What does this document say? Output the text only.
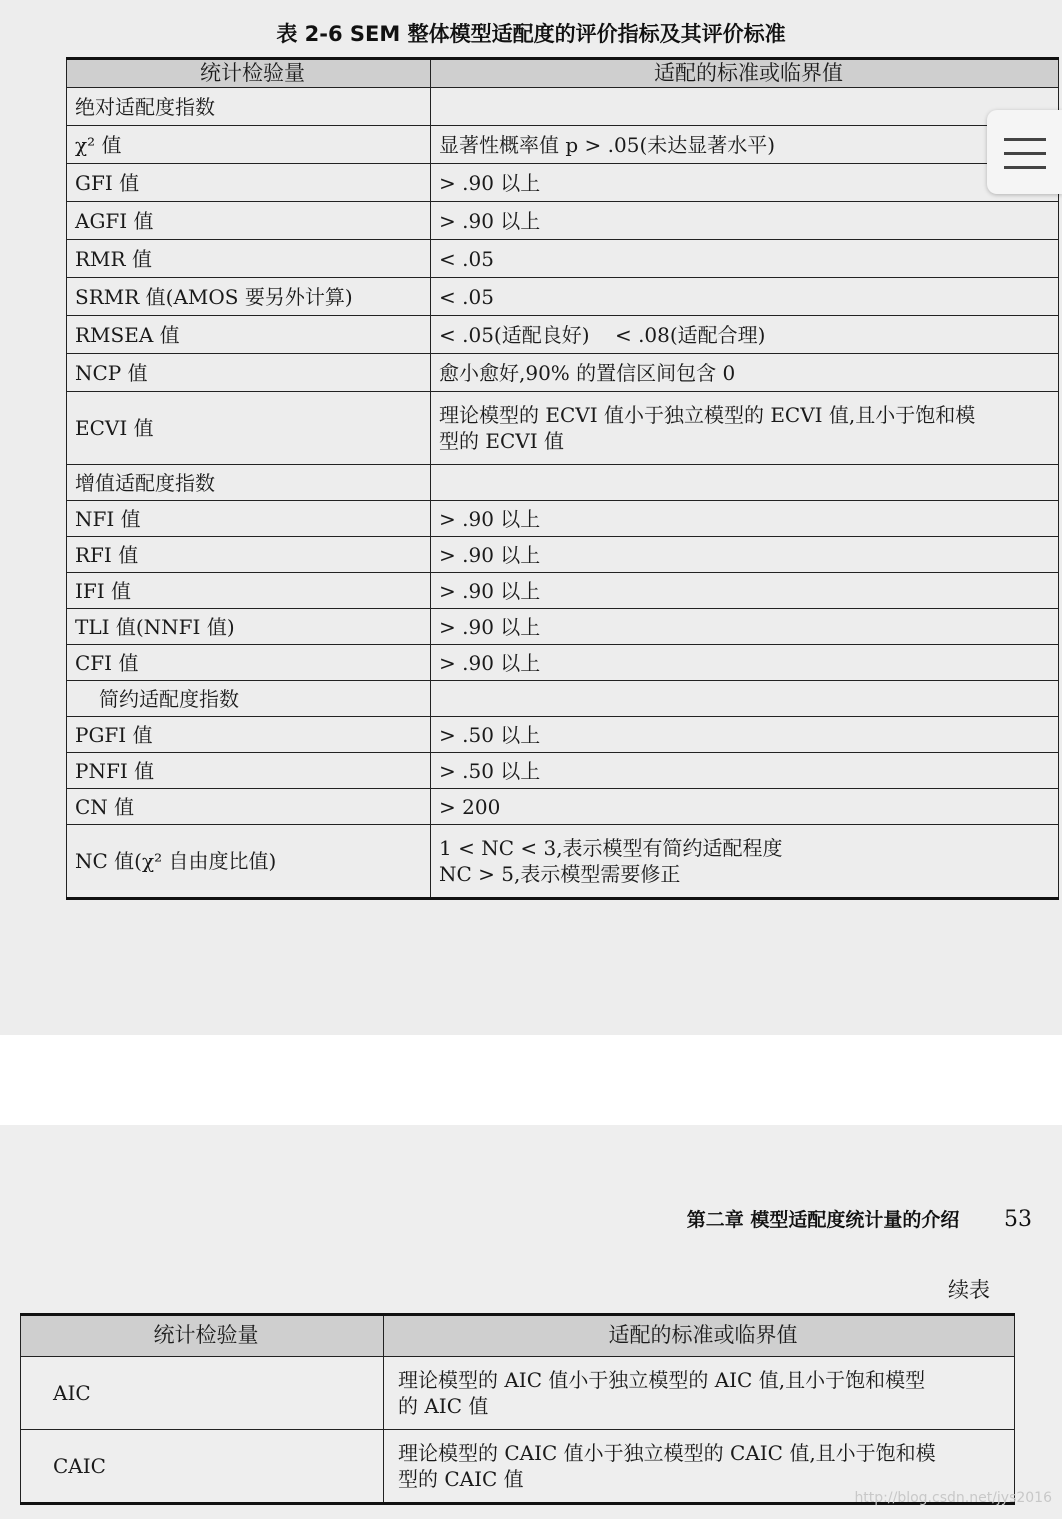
表 2-6 SEM 整体模型适配度的评价指标及其评价标准
统计检验量	适配的标准或临界值
绝对适配度指数	
χ² 值	显著性概率值 p > .05(未达显著水平)
GFI 值	> .90 以上
AGFI 值	> .90 以上
RMR 值	< .05
SRMR 值(AMOS 要另外计算)	< .05
RMSEA 值	< .05(适配良好)    < .08(适配合理)
NCP 值	愈小愈好,90% 的置信区间包含 0
ECVI 值	理论模型的 ECVI 值小于独立模型的 ECVI 值,且小于饱和模
型的 ECVI 值

增值适配度指数	
NFI 值	> .90 以上
RFI 值	> .90 以上
IFI 值	> .90 以上
TLI 值(NNFI 值)	> .90 以上
CFI 值	> .90 以上
简约适配度指数	
PGFI 值	> .50 以上
PNFI 值	> .50 以上
CN 值	> 200
NC 值(χ² 自由度比值)	1 < NC < 3,表示模型有简约适配程度
NC > 5,表示模型需要修正
第二章 模型适配度统计量的介绍 53
续表
统计检验量	适配的标准或临界值
AIC	理论模型的 AIC 值小于独立模型的 AIC 值,且小于饱和模型
的 AIC 值

CAIC	理论模型的 CAIC 值小于独立模型的 CAIC 值,且小于饱和模
型的 CAIC 值
http://blog.csdn.net/jys2016
